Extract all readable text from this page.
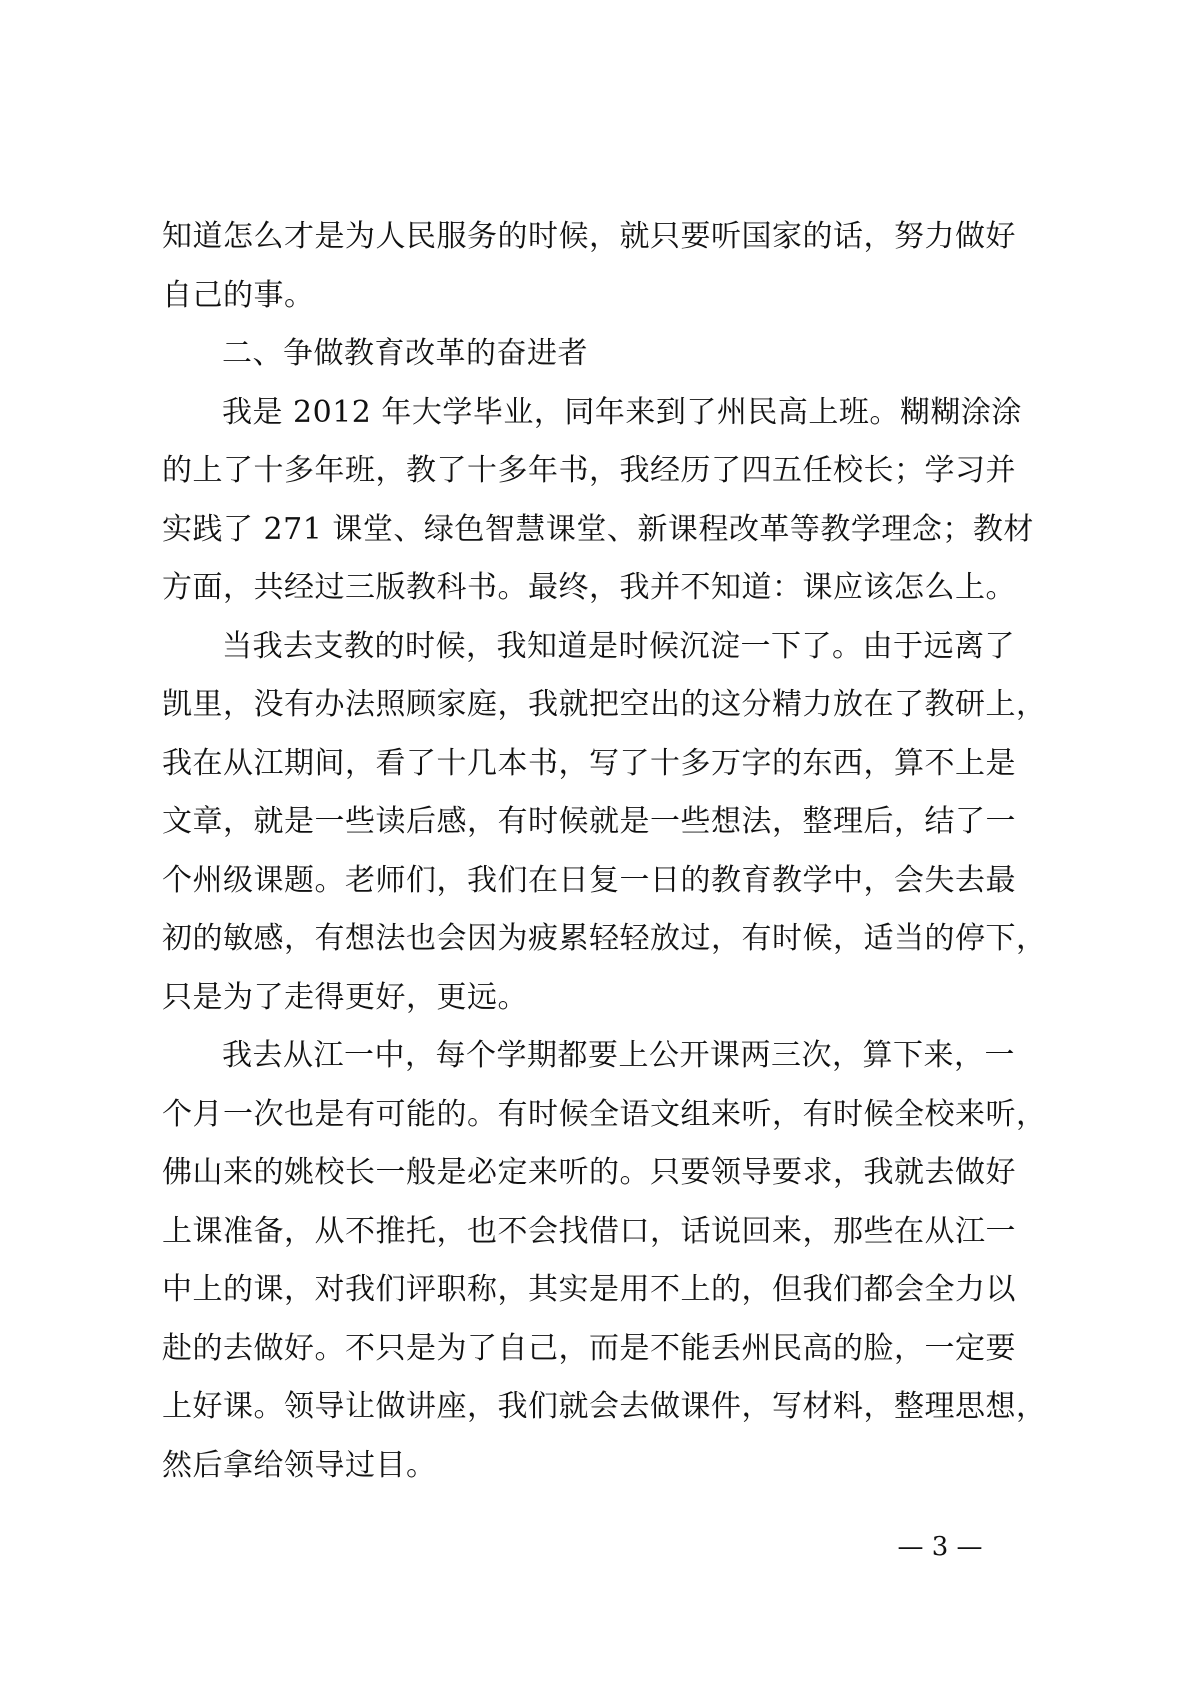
知道怎么才是为人民服务的时候，就只要听国家的话，努力做好
自己的事。
二、争做教育改革的奋进者
我是 2012 年大学毕业，同年来到了州民高上班。糊糊涂涂
的上了十多年班，教了十多年书，我经历了四五任校长；学习并
实践了 271 课堂、绿色智慧课堂、新课程改革等教学理念；教材
方面，共经过三版教科书。最终，我并不知道：课应该怎么上。
当我去支教的时候，我知道是时候沉淀一下了。由于远离了
凯里，没有办法照顾家庭，我就把空出的这分精力放在了教研上，
我在从江期间，看了十几本书，写了十多万字的东西，算不上是
文章，就是一些读后感，有时候就是一些想法，整理后，结了一
个州级课题。老师们，我们在日复一日的教育教学中，会失去最
初的敏感，有想法也会因为疲累轻轻放过，有时候，适当的停下，
只是为了走得更好，更远。
我去从江一中，每个学期都要上公开课两三次，算下来，一
个月一次也是有可能的。有时候全语文组来听，有时候全校来听，
佛山来的姚校长一般是必定来听的。只要领导要求，我就去做好
上课准备，从不推托，也不会找借口，话说回来，那些在从江一
中上的课，对我们评职称，其实是用不上的，但我们都会全力以
赴的去做好。不只是为了自己，而是不能丢州民高的脸，一定要
上好课。领导让做讲座，我们就会去做课件，写材料，整理思想，
然后拿给领导过目。
— 3 —
